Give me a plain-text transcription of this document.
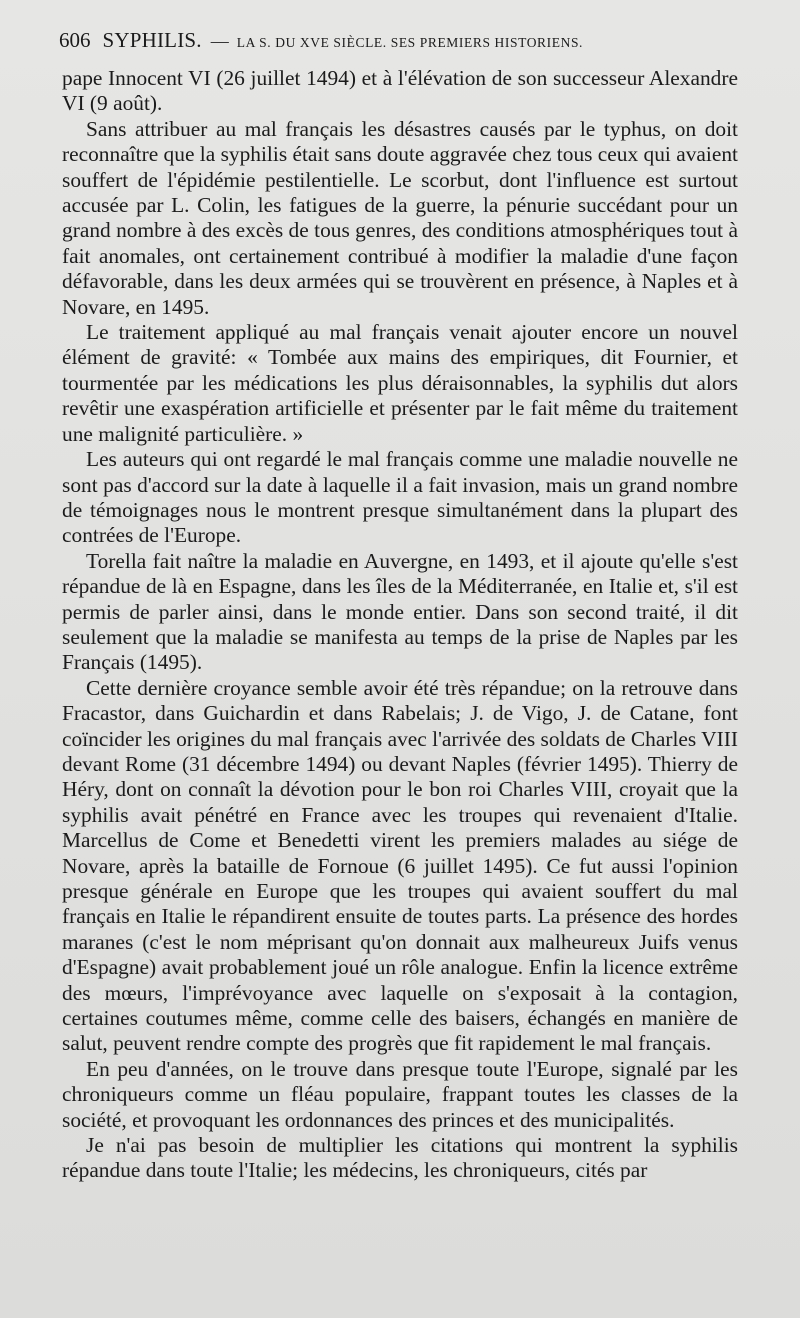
606 SYPHILIS. — LA S. DU XVE SIÈCLE. SES PREMIERS HISTORIENS.

pape Innocent VI (26 juillet 1494) et à l'élévation de son successeur Alexandre VI (9 août).

Sans attribuer au mal français les désastres causés par le typhus, on doit reconnaître que la syphilis était sans doute aggravée chez tous ceux qui avaient souffert de l'épidémie pestilentielle. Le scorbut, dont l'influence est surtout accusée par L. Colin, les fatigues de la guerre, la pénurie succédant pour un grand nombre à des excès de tous genres, des conditions atmosphériques tout à fait anomales, ont certainement contribué à modifier la maladie d'une façon défavorable, dans les deux armées qui se trouvèrent en présence, à Naples et à Novare, en 1495.

Le traitement appliqué au mal français venait ajouter encore un nouvel élément de gravité: « Tombée aux mains des empiriques, dit Fournier, et tourmentée par les médications les plus déraisonnables, la syphilis dut alors revêtir une exaspération artificielle et présenter par le fait même du traitement une malignité particulière. »

Les auteurs qui ont regardé le mal français comme une maladie nouvelle ne sont pas d'accord sur la date à laquelle il a fait invasion, mais un grand nombre de témoignages nous le montrent presque simultanément dans la plupart des contrées de l'Europe.

Torella fait naître la maladie en Auvergne, en 1493, et il ajoute qu'elle s'est répandue de là en Espagne, dans les îles de la Méditerranée, en Italie et, s'il est permis de parler ainsi, dans le monde entier. Dans son second traité, il dit seulement que la maladie se manifesta au temps de la prise de Naples par les Français (1495).

Cette dernière croyance semble avoir été très répandue; on la retrouve dans Fracastor, dans Guichardin et dans Rabelais; J. de Vigo, J. de Catane, font coïncider les origines du mal français avec l'arrivée des soldats de Charles VIII devant Rome (31 décembre 1494) ou devant Naples (février 1495). Thierry de Héry, dont on connaît la dévotion pour le bon roi Charles VIII, croyait que la syphilis avait pénétré en France avec les troupes qui revenaient d'Italie. Marcellus de Come et Benedetti virent les premiers malades au siége de Novare, après la bataille de Fornoue (6 juillet 1495). Ce fut aussi l'opinion presque générale en Europe que les troupes qui avaient souffert du mal français en Italie le répandirent ensuite de toutes parts. La présence des hordes maranes (c'est le nom méprisant qu'on donnait aux malheureux Juifs venus d'Espagne) avait probablement joué un rôle analogue. Enfin la licence extrême des mœurs, l'imprévoyance avec laquelle on s'exposait à la contagion, certaines coutumes même, comme celle des baisers, échangés en manière de salut, peuvent rendre compte des progrès que fit rapidement le mal français.

En peu d'années, on le trouve dans presque toute l'Europe, signalé par les chroniqueurs comme un fléau populaire, frappant toutes les classes de la société, et provoquant les ordonnances des princes et des municipalités.

Je n'ai pas besoin de multiplier les citations qui montrent la syphilis répandue dans toute l'Italie; les médecins, les chroniqueurs, cités par
